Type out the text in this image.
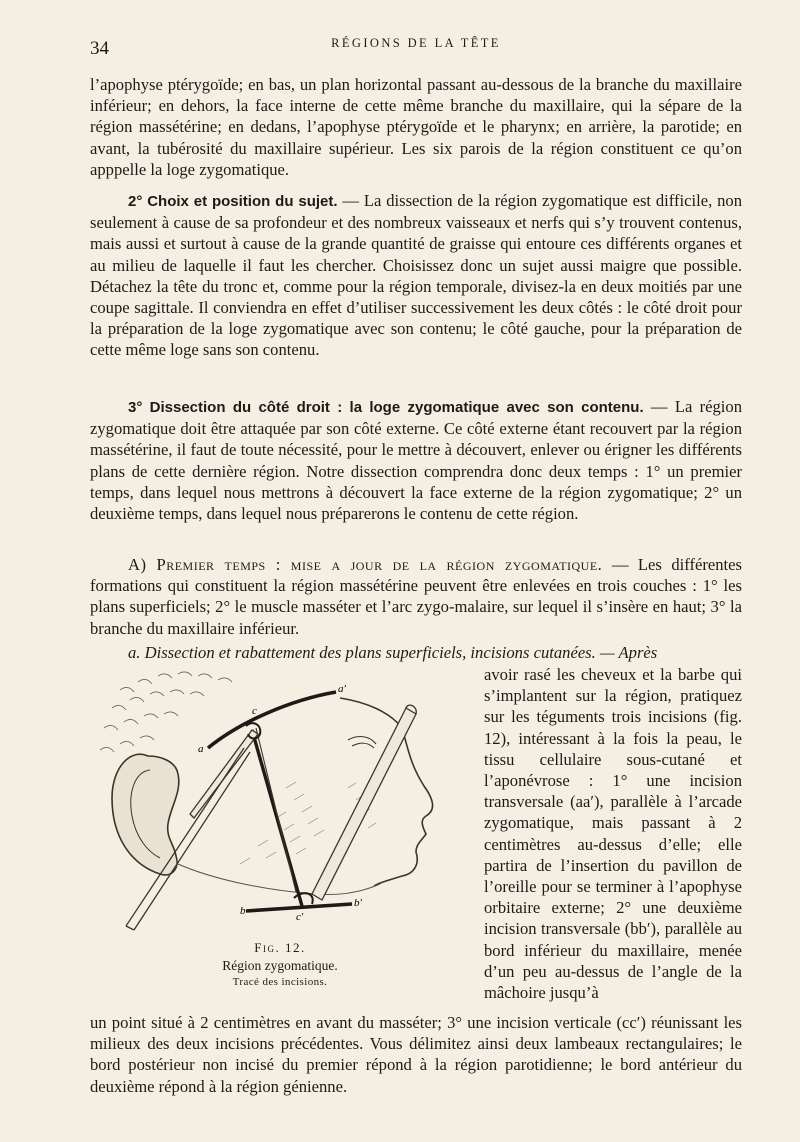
34	RÉGIONS DE LA TÊTE

l’apophyse ptérygoïde; en bas, un plan horizontal passant au-dessous de la branche du maxillaire inférieur; en dehors, la face interne de cette même branche du maxillaire, qui la sépare de la région massétérine; en dedans, l’apophyse ptérygoïde et le pharynx; en arrière, la parotide; en avant, la tubérosité du maxillaire supérieur. Les six parois de la région constituent ce qu’on apppelle la loge zygomatique.

2° Choix et position du sujet. — La dissection de la région zygomatique est difficile, non seulement à cause de sa profondeur et des nombreux vaisseaux et nerfs qui s’y trouvent contenus, mais aussi et surtout à cause de la grande quantité de graisse qui entoure ces différents organes et au milieu de laquelle il faut les chercher. Choisissez donc un sujet aussi maigre que possible. Détachez la tête du tronc et, comme pour la région temporale, divisez-la en deux moitiés par une coupe sagittale. Il conviendra en effet d’utiliser successivement les deux côtés : le côté droit pour la préparation de la loge zygomatique avec son contenu; le côté gauche, pour la préparation de cette même loge sans son contenu.

3° Dissection du côté droit : la loge zygomatique avec son contenu. — La région zygomatique doit être attaquée par son côté externe. Ce côté externe étant recouvert par la région massétérine, il faut de toute nécessité, pour le mettre à découvert, enlever ou érigner les différents plans de cette dernière région. Notre dissection comprendra donc deux temps : 1° un premier temps, dans lequel nous mettrons à découvert la face externe de la région zygomatique; 2° un deuxième temps, dans lequel nous préparerons le contenu de cette région.

A) Premier temps : mise a jour de la région zygomatique. — Les différentes formations qui constituent la région massétérine peuvent être enlevées en trois couches : 1° les plans superficiels; 2° le muscle masséter et l’arc zygo-malaire, sur lequel il s’insère en haut; 3° la branche du maxillaire inférieur.

a. Dissection et rabattement des plans superficiels, incisions cutanées. — Après

a
a′
b
b′
c
c′
Fig. 12.
Région zygomatique.
Tracé des incisions.

avoir rasé les cheveux et la barbe qui s’implantent sur la région, pratiquez sur les téguments trois incisions (fig. 12), intéressant à la fois la peau, le tissu cellulaire sous-cutané et l’aponévrose : 1° une incision transversale (aa′), parallèle à l’arcade zygomatique, mais passant à 2 centimètres au-dessus d’elle; elle partira de l’insertion du pavillon de l’oreille pour se terminer à l’apophyse orbitaire externe; 2° une deuxième incision transversale (bb′), parallèle au bord inférieur du maxillaire, menée d’un peu au-dessus de l’angle de la mâchoire jusqu’à

un point situé à 2 centimètres en avant du masséter; 3° une incision verticale (cc′) réunissant les milieux des deux incisions précédentes. Vous délimitez ainsi deux lambeaux rectangulaires; le bord postérieur non incisé du premier répond à la région parotidienne; le bord antérieur du deuxième répond à la région génienne.
